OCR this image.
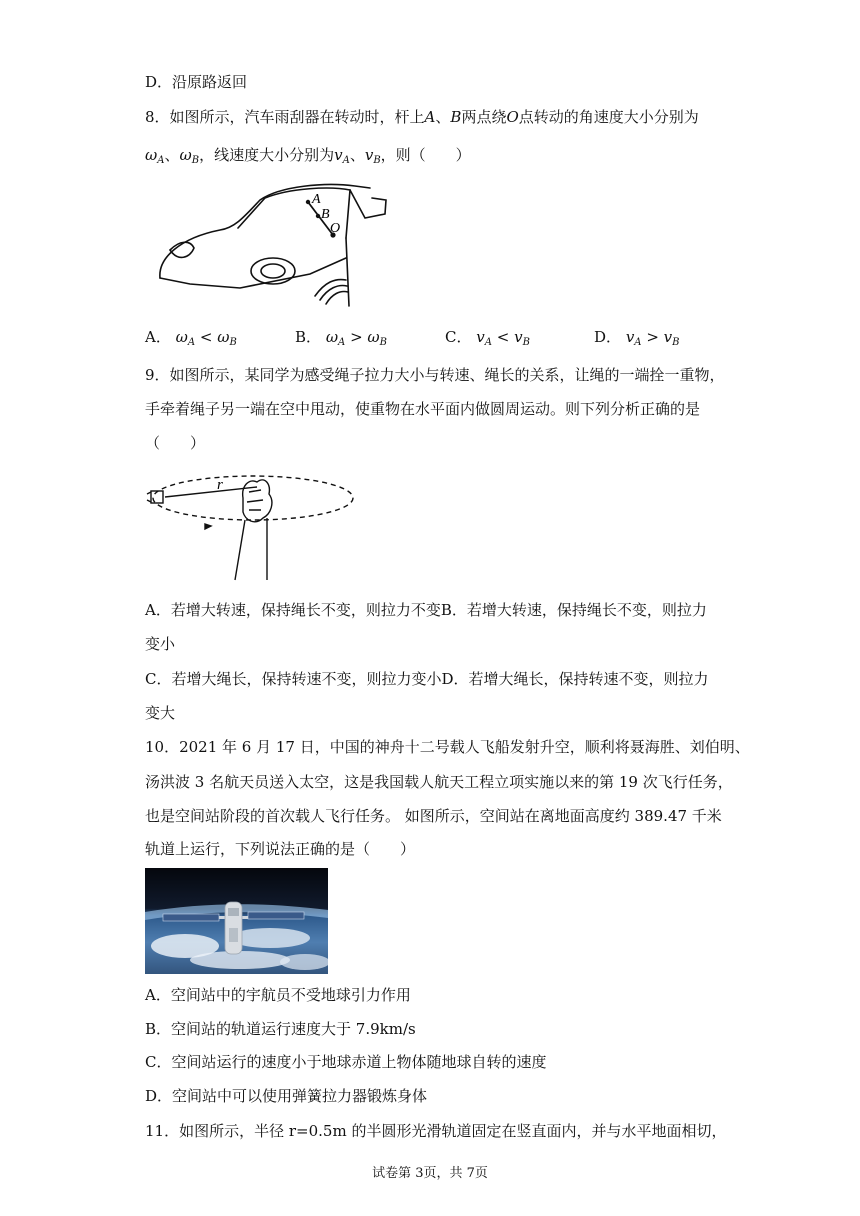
D．沿原路返回
8．如图所示，汽车雨刮器在转动时，杆上A、B两点绕O点转动的角速度大小分别为
$\omega_A$、$\omega_B$，线速度大小分别为$v_A$、$v_B$，则（　　）
A
B
O
A． $\omega_A < \omega_B$	B． $\omega_A > \omega_B$	C． $v_A < v_B$	D． $v_A > v_B$
9．如图所示，某同学为感受绳子拉力大小与转速、绳长的关系，让绳的一端拴一重物，
手牵着绳子另一端在空中甩动，使重物在水平面内做圆周运动。则下列分析正确的是
（　　）
r
A．若增大转速，保持绳长不变，则拉力不变B．若增大转速，保持绳长不变，则拉力
变小
C．若增大绳长，保持转速不变，则拉力变小D．若增大绳长，保持转速不变，则拉力
变大
10．2021 年 6 月 17 日，中国的神舟十二号载人飞船发射升空，顺利将聂海胜、刘伯明、
汤洪波 3 名航天员送入太空，这是我国载人航天工程立项实施以来的第 19 次飞行任务，
也是空间站阶段的首次载人飞行任务。 如图所示，空间站在离地面高度约 389.47 千米
轨道上运行，下列说法正确的是（　　）
A．空间站中的宇航员不受地球引力作用
B．空间站的轨道运行速度大于 7.9km/s
C．空间站运行的速度小于地球赤道上物体随地球自转的速度
D．空间站中可以使用弹簧拉力器锻炼身体
11．如图所示，半径 r=0.5m 的半圆形光滑轨道固定在竖直面内，并与水平地面相切，
试卷第 3页，共 7页
